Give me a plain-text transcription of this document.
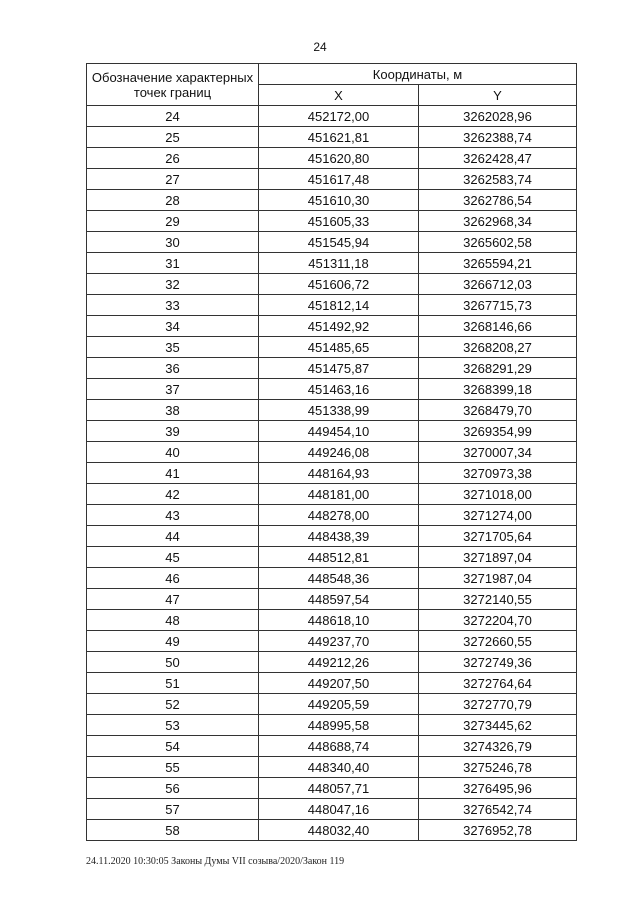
24
Обозначение характерных точек границ	Координаты, м	
	X	Y
24	452172,00	3262028,96
25	451621,81	3262388,74
26	451620,80	3262428,47
27	451617,48	3262583,74
28	451610,30	3262786,54
29	451605,33	3262968,34
30	451545,94	3265602,58
31	451311,18	3265594,21
32	451606,72	3266712,03
33	451812,14	3267715,73
34	451492,92	3268146,66
35	451485,65	3268208,27
36	451475,87	3268291,29
37	451463,16	3268399,18
38	451338,99	3268479,70
39	449454,10	3269354,99
40	449246,08	3270007,34
41	448164,93	3270973,38
42	448181,00	3271018,00
43	448278,00	3271274,00
44	448438,39	3271705,64
45	448512,81	3271897,04
46	448548,36	3271987,04
47	448597,54	3272140,55
48	448618,10	3272204,70
49	449237,70	3272660,55
50	449212,26	3272749,36
51	449207,50	3272764,64
52	449205,59	3272770,79
53	448995,58	3273445,62
54	448688,74	3274326,79
55	448340,40	3275246,78
56	448057,71	3276495,96
57	448047,16	3276542,74
58	448032,40	3276952,78
24.11.2020 10:30:05 Законы Думы VII созыва/2020/Закон 119
